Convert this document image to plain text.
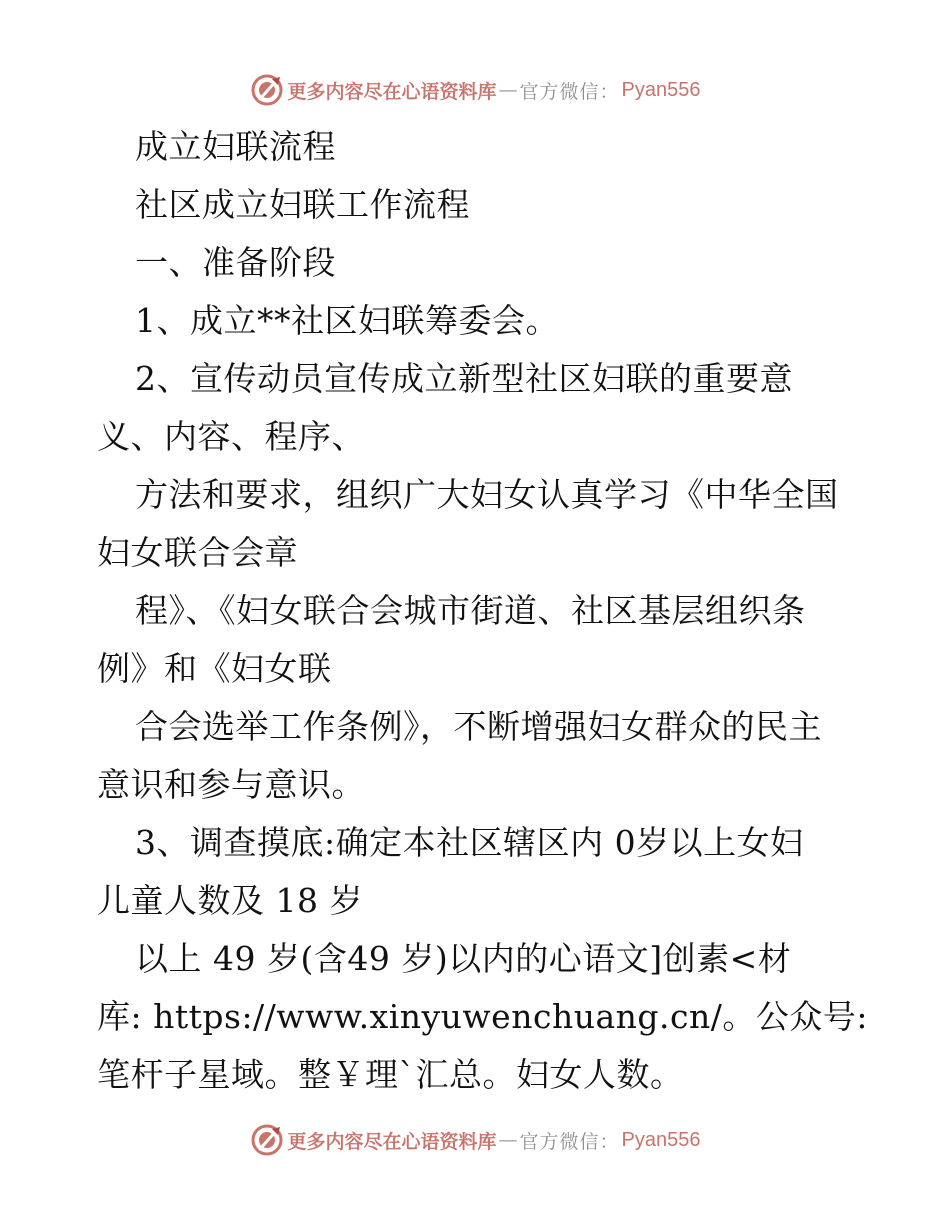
更多内容尽在心语资料库 — 官方微信： Pyan556
成立妇联流程
社区成立妇联工作流程
一、准备阶段
1、成立**社区妇联筹委会。
2、宣传动员宣传成立新型社区妇联的重要意
义、内容、程序、
方法和要求，组织广大妇女认真学习《中华全国
妇女联合会章
程》、《妇女联合会城市街道、社区基层组织条
例》和《妇女联
合会选举工作条例》，不断增强妇女群众的民主
意识和参与意识。
3、调查摸底:确定本社区辖区内 0岁以上女妇
儿童人数及 18 岁
以上 49 岁(含49 岁)以内的心语文]创素<材
库: https://www.xinyuwenchuang.cn/。公众号:
笔杆子星域。整￥理`汇总。妇女人数。
更多内容尽在心语资料库 — 官方微信： Pyan556
